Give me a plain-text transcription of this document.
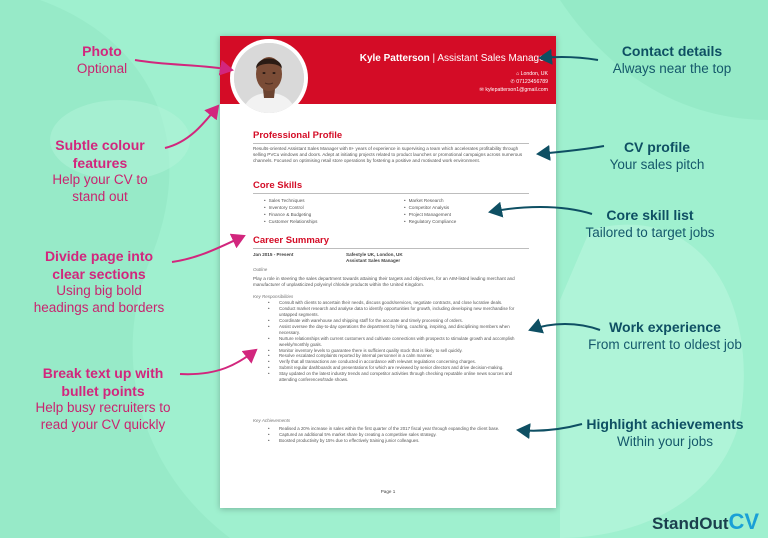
Photo
Optional
Subtle colour
features
Help your CV to
stand out
Divide page into
clear sections
Using big bold
headings and borders
Break text up with
bullet points
Help busy recruiters to
read your CV quickly
Contact details
Always near the top
CV profile
Your sales pitch
Core skill list
Tailored to target jobs
Work experience
From current to oldest job
Highlight achievements
Within your jobs
Kyle Patterson | Assistant Sales Manager
⌂ London, UK
✆ 07123456789
✉ kylepatterson1@gmail.com
Professional Profile
Results-oriented Assistant Sales Manager with 8+ years of experience in supervising a team which accelerates profitability through selling PVCu windows and doors. Adept at initiating projects related to product launches or promotional campaigns across numerous channels. Focused on optimising retail store operations by fostering a positive and motivated work environment.
Core Skills
• Sales Techniques
• Inventory Control
• Finance & Budgeting
• Customer Relationships
• Market Research
• Competitor Analysis
• Project Management
• Regulatory Compliance
Career Summary
Jan 2015 - Present	Safestyle UK, London, UK
Assistant Sales Manager
Outline
Play a role in steering the sales department towards attaining their targets and objectives, for an AIM-listed leading merchant and manufacturer of unplasticized polyvinyl chloride products within the United Kingdom.
Key Responsibilities
• Consult with clients to ascertain their needs, discuss goods/services, negotiate contracts, and close lucrative deals.
• Conduct market research and analyse data to identify opportunities for growth, including developing new merchandise for untapped segments.
• Coordinate with warehouse and shipping staff for the accurate and timely processing of orders.
• Assist oversee the day-to-day operations the department by hiring, coaching, inspiring, and disciplining members when necessary.
• Nurture relationships with current customers and cultivate connections with prospects to stimulate growth and accomplish weekly/monthly goals.
• Monitor inventory levels to guarantee there is sufficient quality stock that is likely to sell quickly.
• Resolve escalated complaints reported by internal personnel in a calm manner.
• Verify that all transactions are conducted in accordance with relevant regulations concerning charges.
• Submit regular dashboards and presentations for which are reviewed by senior directors and drive decision-making.
• Stay updated on the latest industry trends and competitor activities through checking reputable online news sources and attending conferences/trade shows.
Key Achievements
• Realised a 20% increase in sales within the first quarter of the 2017 fiscal year through expanding the client base.
• Captured an additional 5% market share by creating a competitive sales strategy.
• Boosted productivity by 15% due to effectively training junior colleagues.
Page 1
StandOutCV
